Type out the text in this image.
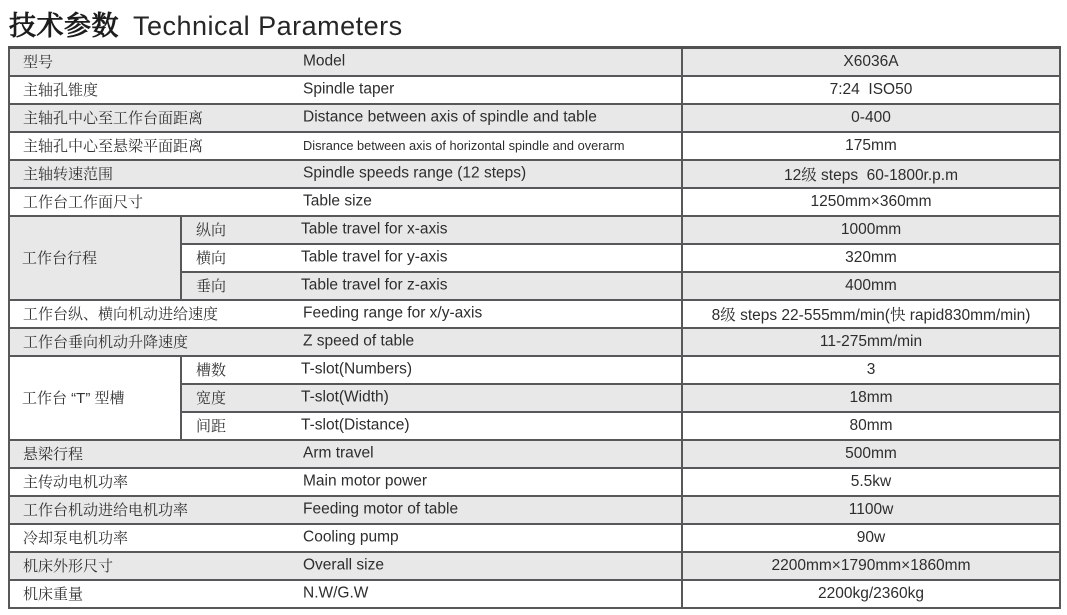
技术参数 Technical Parameters
型号 Model		X6036A
主轴孔锥度 Spindle taper		7:24  ISO50
主轴孔中心至工作台面距离 Distance between axis of spindle and table		0-400
主轴孔中心至悬梁平面距离 Disrance between axis of horizontal spindle and overarm		175mm
主轴转速范围 Spindle speeds range (12 steps)		12级 steps  60-1800r.p.m
工作台工作面尺寸 Table size		1250mm×360mm
工作台行程	纵向 Table travel for x-axis	1000mm
	横向 Table travel for y-axis	320mm
	垂向 Table travel for z-axis	400mm
工作台纵、横向机动进给速度 Feeding range for x/y-axis		8级 steps 22-555mm/min(快 rapid830mm/min)
工作台垂向机动升降速度 Z speed of table		11-275mm/min
工作台 “T” 型槽	槽数 T-slot(Numbers)	3
	宽度 T-slot(Width)	18mm
	间距 T-slot(Distance)	80mm
悬梁行程 Arm travel		500mm
主传动电机功率 Main motor power		5.5kw
工作台机动进给电机功率 Feeding motor of table		1100w
冷却泵电机功率 Cooling pump		90w
机床外形尺寸 Overall size		2200mm×1790mm×1860mm
机床重量 N.W/G.W		2200kg/2360kg
